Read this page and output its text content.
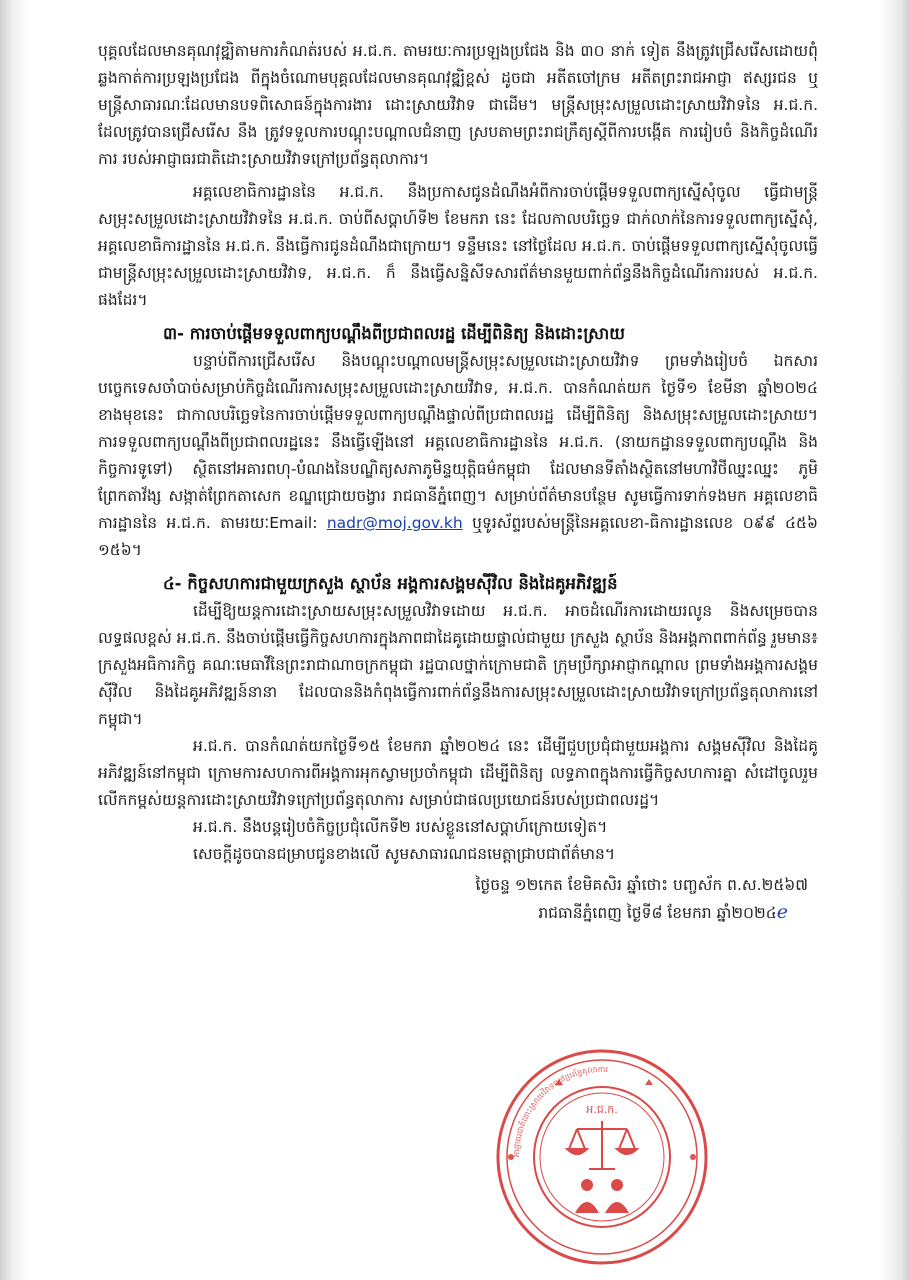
បុគ្គលដែលមានគុណវុឌ្ឍិតាមការកំណត់របស់ អ.ជ.ក. តាមរយៈការប្រឡងប្រជែង និង ៣០ នាក់ ទៀត នឹងត្រូវជ្រើសរើសដោយពុំឆ្លងកាត់ការប្រឡងប្រជែង ពីក្នុងចំណោមបុគ្គលដែលមានគុណវុឌ្ឍិខ្ពស់ ដូចជា អតីតចៅក្រម អតីតព្រះរាជអាជ្ញា ឥស្សរជន ឬមន្ត្រីសាធារណៈដែលមានបទពិសោធន៍ក្នុងការងារ ដោះស្រាយវិវាទ ជាដើម។ មន្ត្រីសម្រុះសម្រួលដោះស្រាយវិវាទនៃ អ.ជ.ក. ដែលត្រូវបានជ្រើសរើស នឹង ត្រូវទទួលការបណ្តុះបណ្តាលជំនាញ ស្របតាមព្រះរាជក្រឹត្យស្តីពីការបង្កើត ការរៀបចំ និងកិច្ចដំណើរការ របស់អាជ្ញាធរជាតិដោះស្រាយវិវាទក្រៅប្រព័ន្ធតុលាការ។

អគ្គលេខាធិការដ្ឋាននៃ អ.ជ.ក. នឹងប្រកាសជូនដំណឹងអំពីការចាប់ផ្តើមទទួលពាក្យស្នើសុំចូល ធ្វើជាមន្ត្រីសម្រុះសម្រួលដោះស្រាយវិវាទនៃ អ.ជ.ក. ចាប់ពីសប្តាហ៍ទី២ ខែមករា នេះ ដែលកាលបរិច្ឆេទ ជាក់លាក់នៃការទទួលពាក្យស្នើសុំ, អគ្គលេខាធិការដ្ឋាននៃ អ.ជ.ក. នឹងធ្វើការជូនដំណឹងជាក្រោយ។ ទន្ទឹមនេះ នៅថ្ងៃដែល អ.ជ.ក. ចាប់ផ្តើមទទួលពាក្យស្នើសុំចូលធ្វើជាមន្ត្រីសម្រុះសម្រួលដោះស្រាយវិវាទ, អ.ជ.ក. ក៏ នឹងធ្វើសន្និសីទសារព័ត៌មានមួយពាក់ព័ន្ធនឹងកិច្ចដំណើរការរបស់ អ.ជ.ក. ផងដែរ។

៣- ការចាប់ផ្តើមទទួលពាក្យបណ្តឹងពីប្រជាពលរដ្ឋ ដើម្បីពិនិត្យ និងដោះស្រាយ

បន្ទាប់ពីការជ្រើសរើស និងបណ្តុះបណ្តាលមន្ត្រីសម្រុះសម្រួលដោះស្រាយវិវាទ ព្រមទាំងរៀបចំ ឯកសារបច្ចេកទេសចាំបាច់សម្រាប់កិច្ចដំណើរការសម្រុះសម្រួលដោះស្រាយវិវាទ, អ.ជ.ក. បានកំណត់យក ថ្ងៃទី១ ខែមីនា ឆ្នាំ២០២៤ ខាងមុខនេះ ជាកាលបរិច្ឆេទនៃការចាប់ផ្តើមទទួលពាក្យបណ្តឹងផ្ទាល់ពីប្រជាពលរដ្ឋ ដើម្បីពិនិត្យ និងសម្រុះសម្រួលដោះស្រាយ។ ការទទួលពាក្យបណ្តឹងពីប្រជាពលរដ្ឋនេះ នឹងធ្វើឡើងនៅ អគ្គលេខាធិការដ្ឋាននៃ អ.ជ.ក. (នាយកដ្ឋានទទួលពាក្យបណ្តឹង និងកិច្ចការទូទៅ) ស្ថិតនៅអគារពហុ-បំណងនៃបណ្ឌិត្យសភាភូមិន្ទយុត្តិធម៌កម្ពុជា ដែលមានទីតាំងស្ថិតនៅមហាវិថីឈ្នះឈ្នះ ភូមិព្រែកតាវ័ង្ស សង្កាត់ព្រែកតាសេក ខណ្ឌជ្រោយចង្វារ រាជធានីភ្នំពេញ។ សម្រាប់ព័ត៌មានបន្ថែម សូមធ្វើការទាក់ទងមក អគ្គលេខាធិការដ្ឋាននៃ អ.ជ.ក. តាមរយៈEmail: nadr@moj.gov.kh ឬទូរស័ព្ទរបស់មន្ត្រីនៃអគ្គលេខា-ធិការដ្ឋានលេខ ០៩៩ ៤៥៦ ១៥៦។

៤- កិច្ចសហការជាមួយក្រសួង ស្ថាប័ន អង្គការសង្គមស៊ីវិល និងដៃគូអភិវឌ្ឍន៍

ដើម្បីឱ្យយន្តការដោះស្រាយសម្រុះសម្រួលវិវាទដោយ អ.ជ.ក. អាចដំណើរការដោយរលូន និងសម្រេចបានលទ្ធផលខ្ពស់ អ.ជ.ក. នឹងចាប់ផ្តើមធ្វើកិច្ចសហការក្នុងភាពជាដៃគូដោយផ្ទាល់ជាមួយ ក្រសួង ស្ថាប័ន និងអង្គភាពពាក់ព័ន្ធ រួមមាន៖ ក្រសួងអធិការកិច្ច គណៈមេធាវីនៃព្រះរាជាណាចក្រកម្ពុជា រដ្ឋបាលថ្នាក់ក្រោមជាតិ ក្រុមប្រឹក្សាអាជ្ញាកណ្តាល ព្រមទាំងអង្គការសង្គមស៊ីវិល និងដៃគូអភិវឌ្ឍន៍នានា ដែលបាននិងកំពុងធ្វើការពាក់ព័ន្ធនឹងការសម្រុះសម្រួលដោះស្រាយវិវាទក្រៅប្រព័ន្ធតុលាការនៅកម្ពុជា។

អ.ជ.ក. បានកំណត់យកថ្ងៃទី១៥ ខែមករា ឆ្នាំ២០២៤ នេះ ដើម្បីជួបប្រជុំជាមួយអង្គការ សង្គមស៊ីវិល និងដៃគូអភិវឌ្ឍន៍នៅកម្ពុជា ក្រោមការសហការពីអង្គការអុកស្វាមប្រចាំកម្ពុជា ដើម្បីពិនិត្យ លទ្ធភាពក្នុងការធ្វើកិច្ចសហការគ្នា សំដៅចូលរួមលើកកម្ពស់យន្តការដោះស្រាយវិវាទក្រៅប្រព័ន្ធតុលាការ សម្រាប់ជាផលប្រយោជន៍របស់ប្រជាពលរដ្ឋ។

អ.ជ.ក. នឹងបន្តរៀបចំកិច្ចប្រជុំលើកទី២ របស់ខ្លួននៅសប្តាហ៍ក្រោយទៀត។

សេចក្តីដូចបានជម្រាបជូនខាងលើ សូមសាធារណជនមេត្តាជ្រាបជាព័ត៌មាន។

ថ្ងៃចន្ទ ១២កេត ខែមិគសិរ ឆ្នាំថោះ បញ្ចស័ក ព.ស.២៥៦៧
រាជធានីភ្នំពេញ ថ្ងៃទី៨ ខែមករា ឆ្នាំ២០២៤e
អ.ជ.ក.
អាជ្ញាធរជាតិដោះស្រាយវិវាទក្រៅប្រព័ន្ធតុលាការ
